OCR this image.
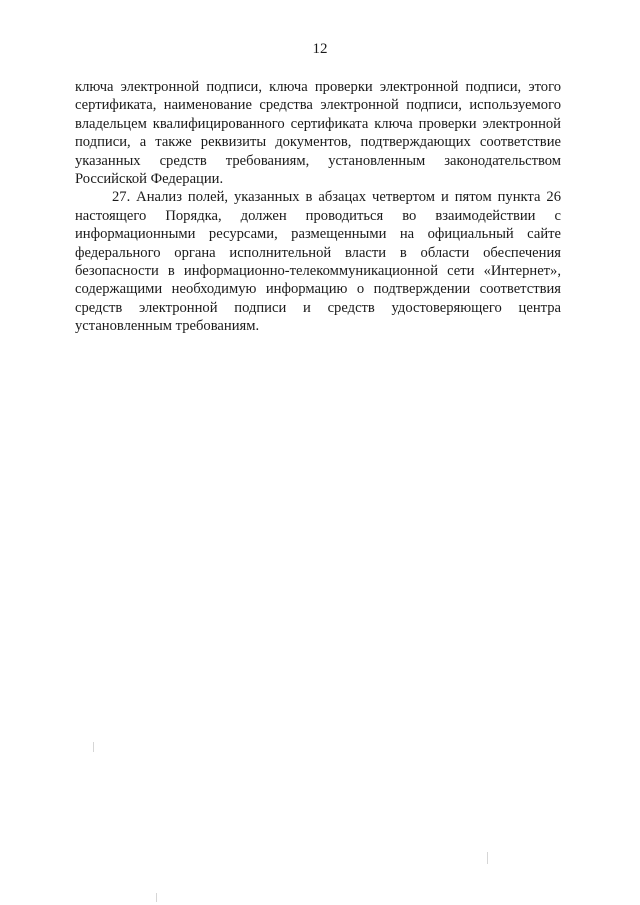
12

ключа электронной подписи, ключа проверки электронной подписи, этого сертификата, наименование средства электронной подписи, используемого владельцем квалифицированного сертификата ключа проверки электронной подписи, а также реквизиты документов, подтверждающих соответствие указанных средств требованиям, установленным законодательством Российской Федерации.

27. Анализ полей, указанных в абзацах четвертом и пятом пункта 26 настоящего Порядка, должен проводиться во взаимодействии с информационными ресурсами, размещенными на официальный сайте федерального органа исполнительной власти в области обеспечения безопасности в информационно-телекоммуникационной сети «Интернет», содержащими необходимую информацию о подтверждении соответствия средств электронной подписи и средств удостоверяющего центра установленным требованиям.
